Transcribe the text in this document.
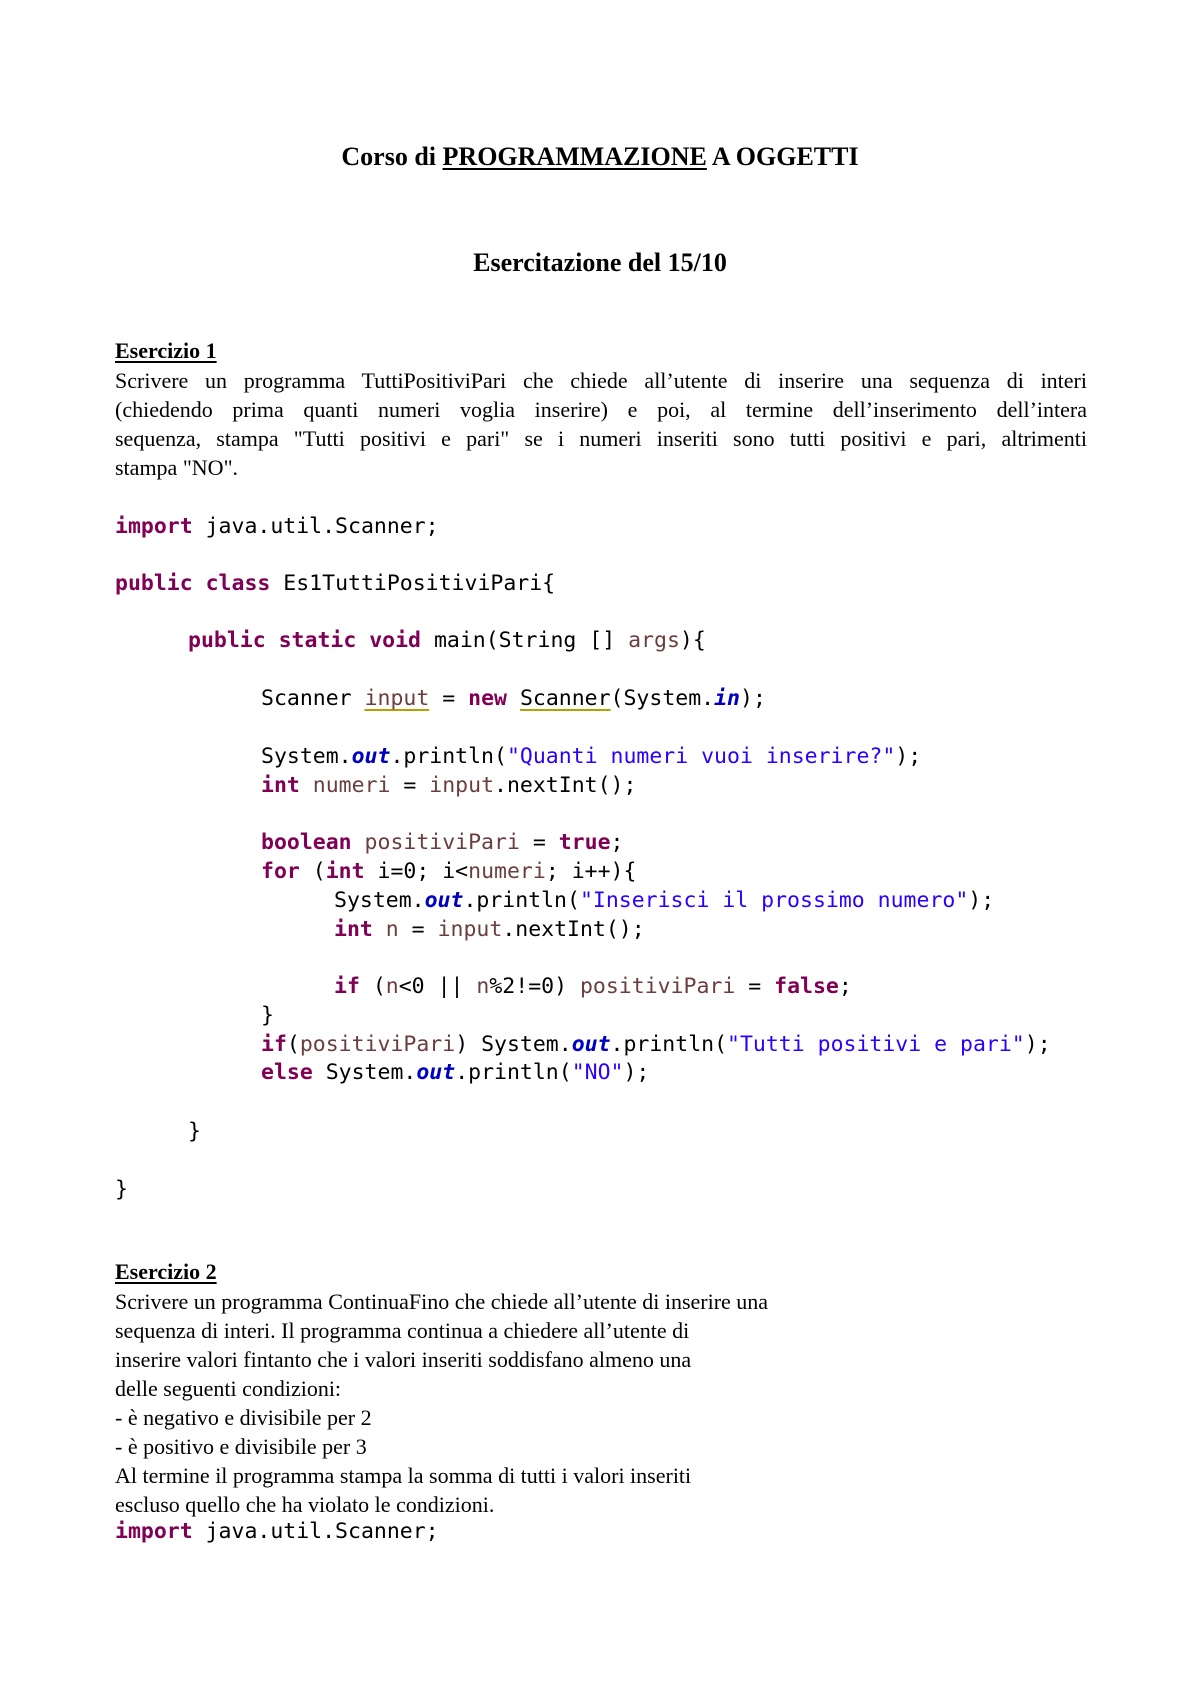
Corso di PROGRAMMAZIONE A OGGETTI
Esercitazione del 15/10
Esercizio 1
Scrivere un programma TuttiPositiviPari che chiede all’utente di inserire una sequenza di interi
(chiedendo prima quanti numeri voglia inserire) e poi, al termine dell’inserimento dell’intera
sequenza, stampa "Tutti positivi e pari" se i numeri inseriti sono tutti positivi e pari, altrimenti
stampa "NO".
import java.util.Scanner;
public class Es1TuttiPositiviPari{
public static void main(String [] args){
Scanner input = new Scanner(System.in);
System.out.println("Quanti numeri vuoi inserire?");
int numeri = input.nextInt();
boolean positiviPari = true;
for (int i=0; i<numeri; i++){
System.out.println("Inserisci il prossimo numero");
int n = input.nextInt();
if (n<0 || n%2!=0) positiviPari = false;
}
if(positiviPari) System.out.println("Tutti positivi e pari");
else System.out.println("NO");
}
}
Esercizio 2
Scrivere un programma ContinuaFino che chiede all’utente di inserire una
sequenza di interi. Il programma continua a chiedere all’utente di
inserire valori fintanto che i valori inseriti soddisfano almeno una
delle seguenti condizioni:
- è negativo e divisibile per 2
- è positivo e divisibile per 3
Al termine il programma stampa la somma di tutti i valori inseriti
escluso quello che ha violato le condizioni.
import java.util.Scanner;
